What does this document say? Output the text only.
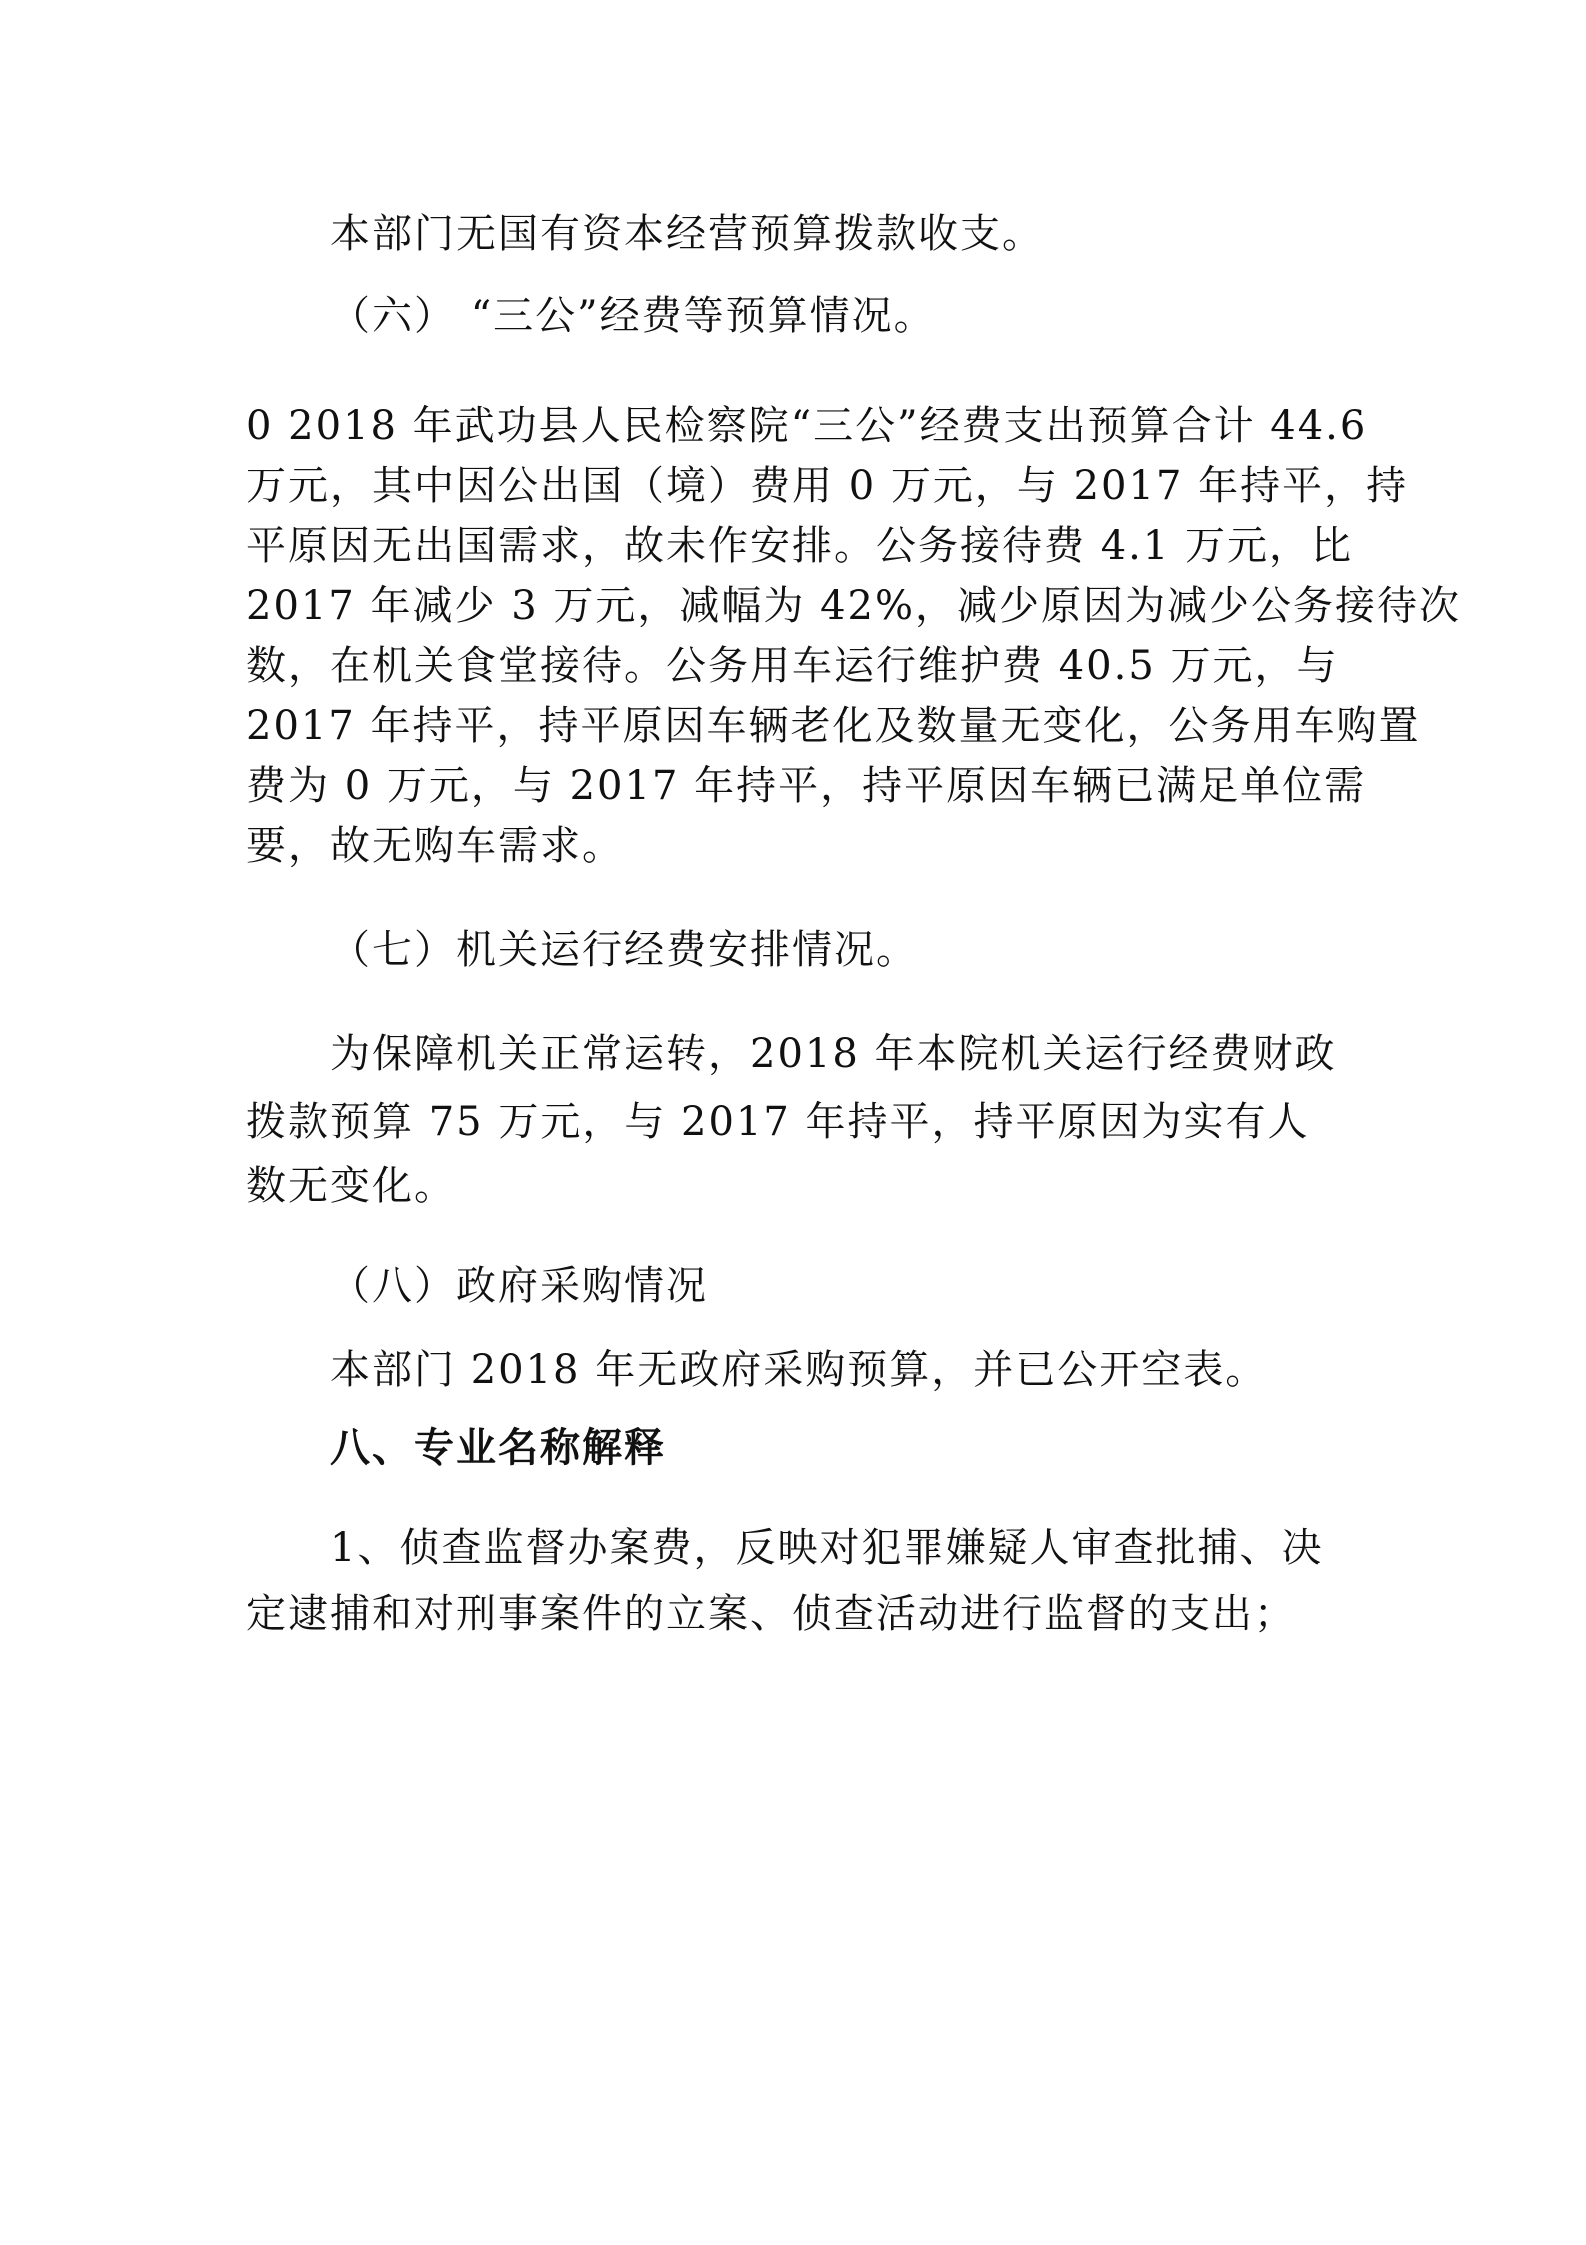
本部门无国有资本经营预算拨款收支。
（六） “三公”经费等预算情况。
0 2018 年武功县人民检察院“三公”经费支出预算合计 44.6
万元，其中因公出国（境）费用 0 万元，与 2017 年持平，持
平原因无出国需求，故未作安排。公务接待费 4.1 万元，比
2017 年减少 3 万元，减幅为 42%，减少原因为减少公务接待次
数，在机关食堂接待。公务用车运行维护费 40.5 万元，与
2017 年持平，持平原因车辆老化及数量无变化，公务用车购置
费为 0 万元，与 2017 年持平，持平原因车辆已满足单位需
要，故无购车需求。
（七）机关运行经费安排情况。
为保障机关正常运转，2018 年本院机关运行经费财政
拨款预算 75 万元，与 2017 年持平，持平原因为实有人
数无变化。
（八）政府采购情况
本部门 2018 年无政府采购预算，并已公开空表。
八、专业名称解释
1、侦查监督办案费，反映对犯罪嫌疑人审查批捕、决
定逮捕和对刑事案件的立案、侦查活动进行监督的支出；
